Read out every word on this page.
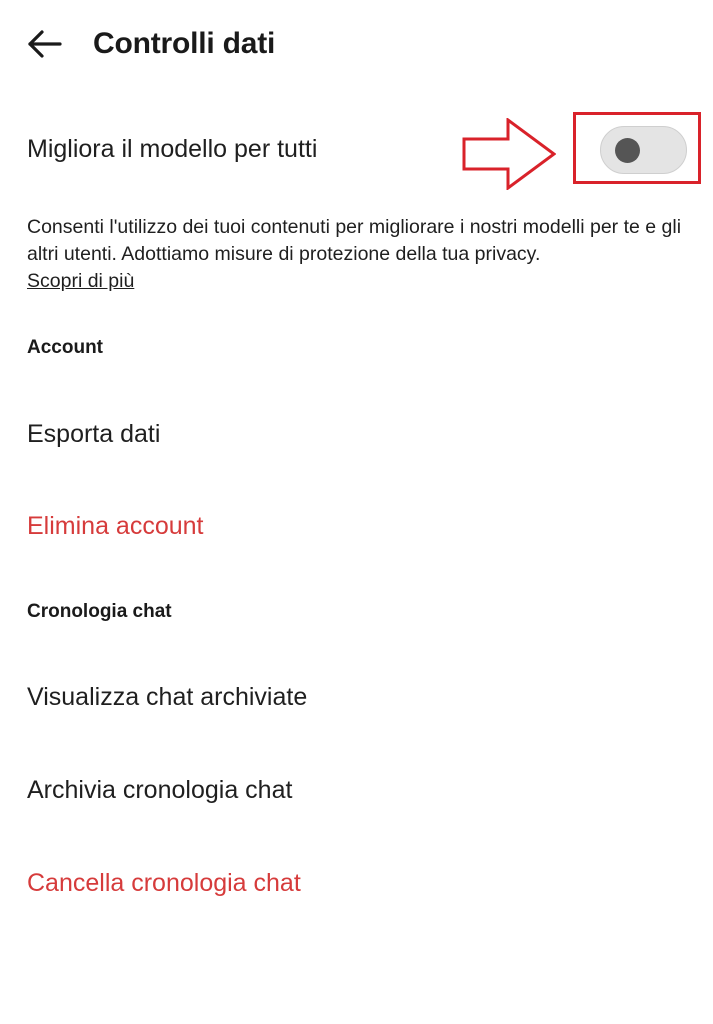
Controlli dati
Migliora il modello per tutti
Consenti l'utilizzo dei tuoi contenuti per migliorare i nostri modelli per te e gli altri utenti. Adottiamo misure di protezione della tua privacy.
Scopri di più
Account
Esporta dati
Elimina account
Cronologia chat
Visualizza chat archiviate
Archivia cronologia chat
Cancella cronologia chat
